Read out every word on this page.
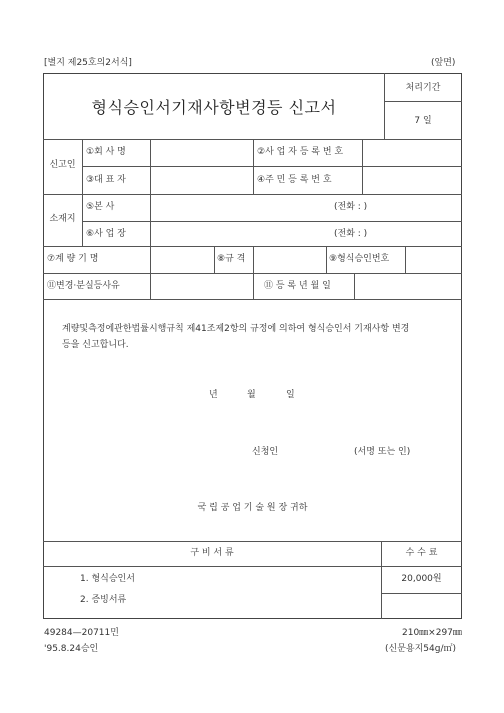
[별지 제25호의2서식]	(앞면)
형식승인서기재사항변경등 신고서
처리기간
7 일
신고인
①회 사 명	②사 업 자 등 록 번 호
③대 표 자	④주 민 등 록 번 호
소재지
⑤본 사	(전화 : )
⑥사 업 장	(전화 : )
⑦계 량 기 명	⑧규 격	⑨형식승인번호
⑪변경·분실등사유	⑪ 등 록 년 월 일
계량및측정에관한법률시행규칙 제41조제2항의 규정에 의하여 형식승인서 기재사항 변경
등을 신고합니다.
년	월	일
신청인	(서명 또는 인)
국 립 공 업 기 술 원 장 귀하
구 비 서 류	수 수 료
1. 형식승인서
2. 증빙서류
20,000원
49284—20711민
'95.8.24승인
210㎜×297㎜
(신문용지54g/㎡)
